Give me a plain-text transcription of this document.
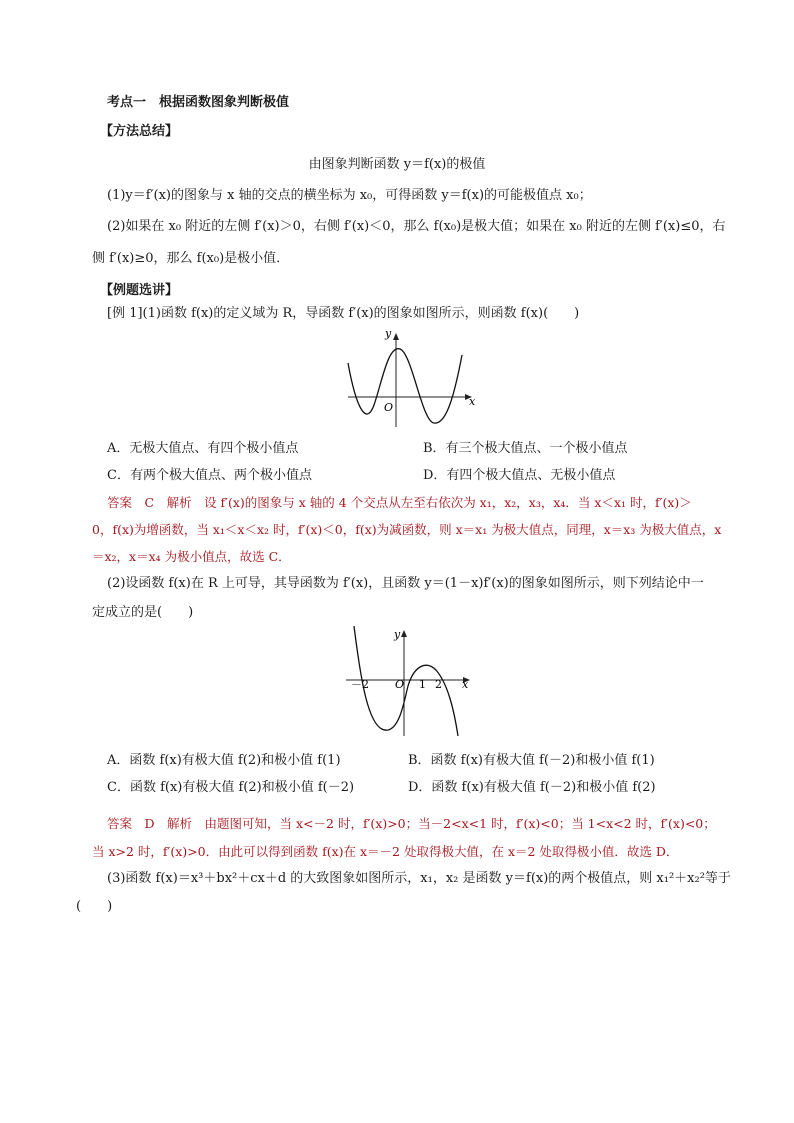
考点一　根据函数图象判断极值
【方法总结】
由图象判断函数 y＝f(x)的极值
(1)y＝f′(x)的图象与 x 轴的交点的横坐标为 x₀，可得函数 y＝f(x)的可能极值点 x₀；
(2)如果在 x₀ 附近的左侧 f′(x)＞0，右侧 f′(x)＜0，那么 f(x₀)是极大值；如果在 x₀ 附近的左侧 f′(x)≤0，右
侧 f′(x)≥0，那么 f(x₀)是极小值．
【例题选讲】
[例 1](1)函数 f(x)的定义域为 R，导函数 f′(x)的图象如图所示，则函数 f(x)(　　)
y
x
O
A．无极大值点、有四个极小值点	B．有三个极大值点、一个极小值点
C．有两个极大值点、两个极小值点	D．有四个极大值点、无极小值点
答案　C　解析　设 f′(x)的图象与 x 轴的 4 个交点从左至右依次为 x₁，x₂，x₃，x₄．当 x＜x₁ 时，f′(x)＞
0，f(x)为增函数，当 x₁＜x＜x₂ 时，f′(x)＜0，f(x)为减函数，则 x＝x₁ 为极大值点，同理，x＝x₃ 为极大值点，x
＝x₂，x＝x₄ 为极小值点，故选 C．
(2)设函数 f(x)在 R 上可导，其导函数为 f′(x)，且函数 y＝(1－x)f′(x)的图象如图所示，则下列结论中一
定成立的是(　　)
y
x
－2 O 1 2
A．函数 f(x)有极大值 f(2)和极小值 f(1)	B．函数 f(x)有极大值 f(－2)和极小值 f(1)
C．函数 f(x)有极大值 f(2)和极小值 f(－2)	D．函数 f(x)有极大值 f(－2)和极小值 f(2)
答案　D　解析　由题图可知，当 x<－2 时，f′(x)>0；当－2<x<1 时，f′(x)<0；当 1<x<2 时，f′(x)<0；
当 x>2 时，f′(x)>0．由此可以得到函数 f(x)在 x＝－2 处取得极大值，在 x＝2 处取得极小值．故选 D．
(3)函数 f(x)＝x³＋bx²＋cx＋d 的大致图象如图所示，x₁，x₂ 是函数 y＝f(x)的两个极值点，则 x₁²＋x₂²等于
(　　)
